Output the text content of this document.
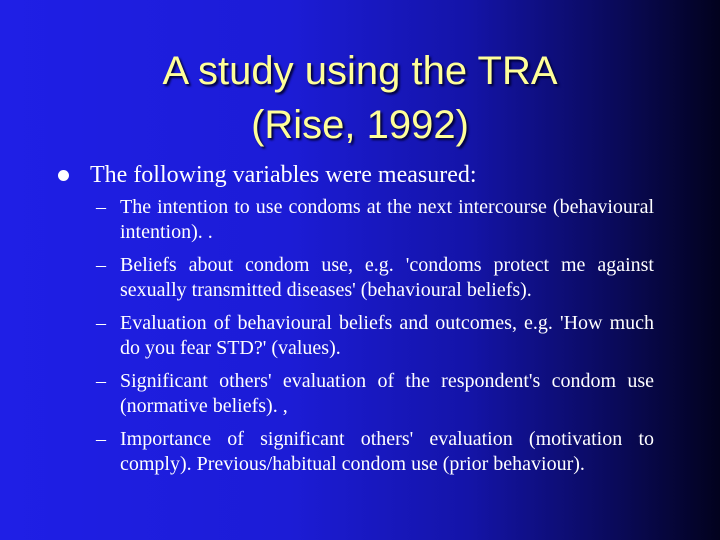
A study using the TRA
(Rise, 1992)
The following variables were measured:
– The intention to use condoms at the next intercourse (behavioural intention). .
– Beliefs about condom use, e.g. 'condoms protect me against sexually transmitted diseases' (behavioural beliefs).
– Evaluation of behavioural beliefs and outcomes, e.g. 'How much do you fear STD?' (values).
– Significant others' evaluation of the respondent's condom use (normative beliefs). ,
– Importance of significant others' evaluation (motivation to comply). Previous/habitual condom use (prior behaviour).
